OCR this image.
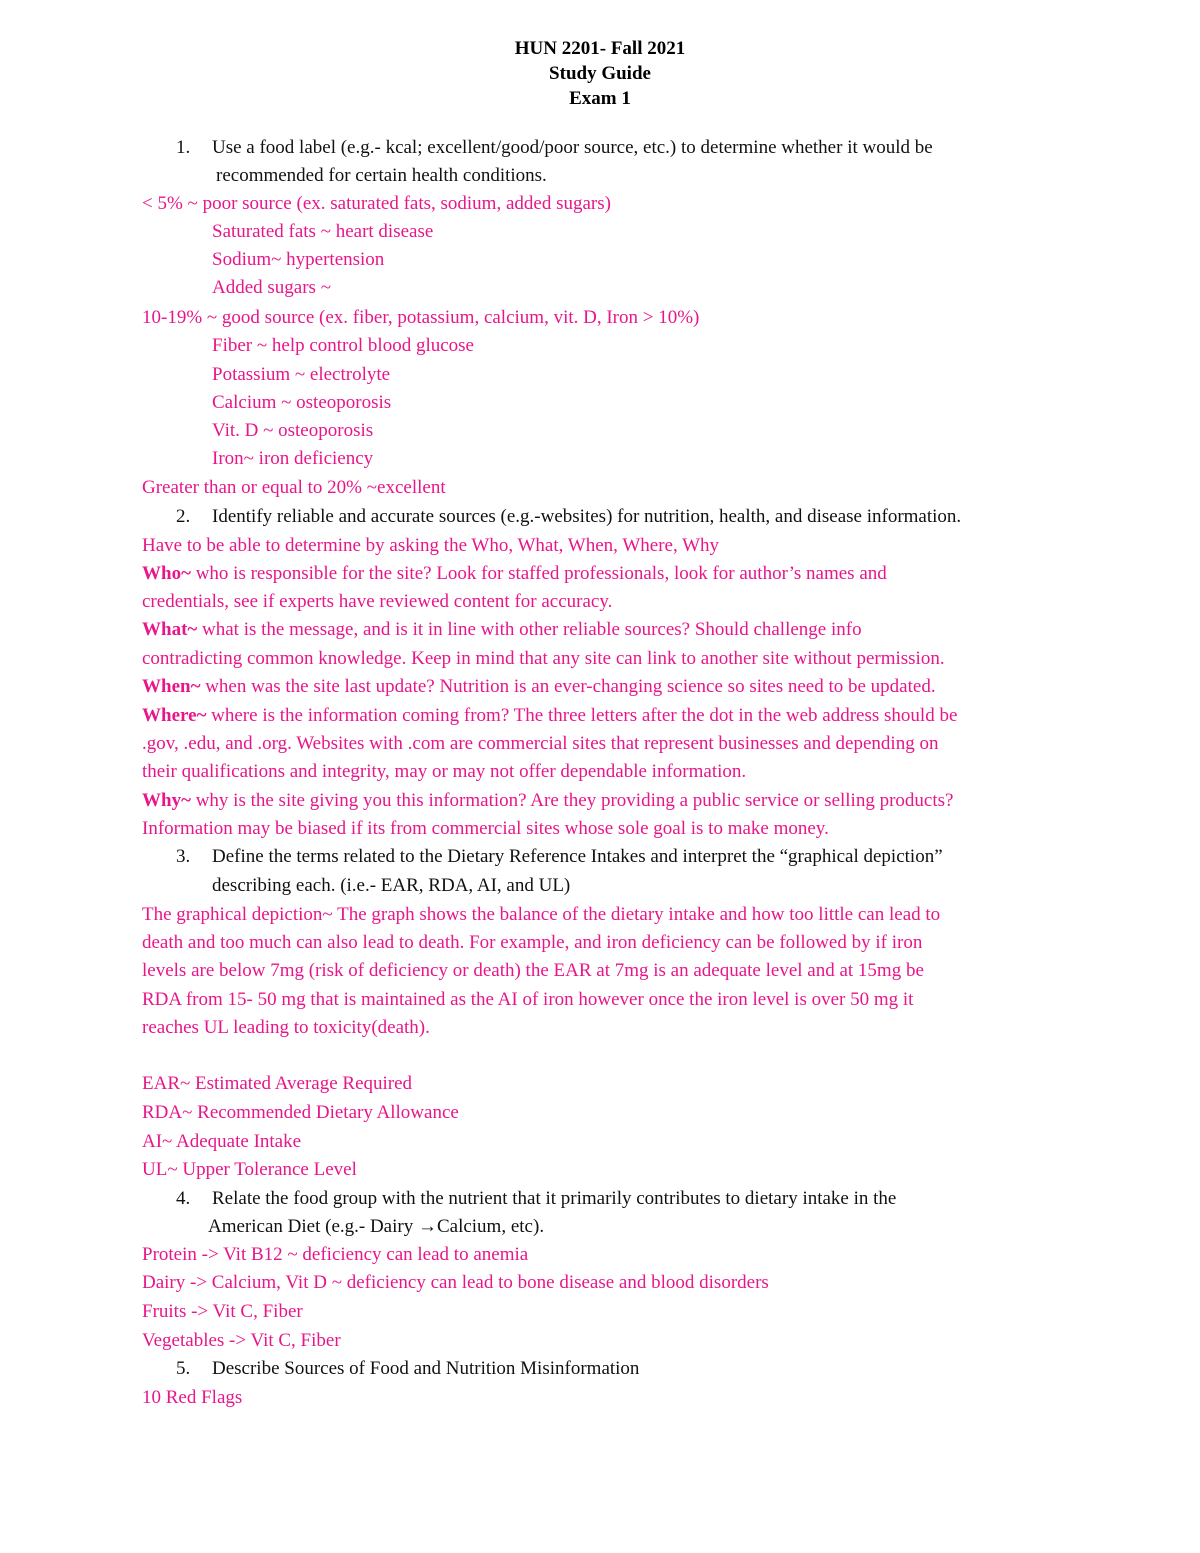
HUN 2201- Fall 2021
Study Guide
Exam 1
1. Use a food label (e.g.- kcal; excellent/good/poor source, etc.) to determine whether it would be
recommended for certain health conditions.
< 5% ~ poor source (ex. saturated fats, sodium, added sugars)
Saturated fats ~ heart disease
Sodium~ hypertension
Added sugars ~
10-19% ~ good source (ex. fiber, potassium, calcium, vit. D, Iron > 10%)
Fiber ~ help control blood glucose
Potassium ~ electrolyte
Calcium ~ osteoporosis
Vit. D ~ osteoporosis
Iron~ iron deficiency
Greater than or equal to 20% ~excellent
2. Identify reliable and accurate sources (e.g.-websites) for nutrition, health, and disease information.
Have to be able to determine by asking the Who, What, When, Where, Why
Who~ who is responsible for the site? Look for staffed professionals, look for author’s names and
credentials, see if experts have reviewed content for accuracy.
What~ what is the message, and is it in line with other reliable sources? Should challenge info
contradicting common knowledge. Keep in mind that any site can link to another site without permission.
When~ when was the site last update? Nutrition is an ever-changing science so sites need to be updated.
Where~ where is the information coming from? The three letters after the dot in the web address should be
.gov, .edu, and .org. Websites with .com are commercial sites that represent businesses and depending on
their qualifications and integrity, may or may not offer dependable information.
Why~ why is the site giving you this information? Are they providing a public service or selling products?
Information may be biased if its from commercial sites whose sole goal is to make money.
3. Define the terms related to the Dietary Reference Intakes and interpret the “graphical depiction”
describing each. (i.e.- EAR, RDA, AI, and UL)
The graphical depiction~ The graph shows the balance of the dietary intake and how too little can lead to
death and too much can also lead to death. For example, and iron deficiency can be followed by if iron
levels are below 7mg (risk of deficiency or death) the EAR at 7mg is an adequate level and at 15mg be
RDA from 15- 50 mg that is maintained as the AI of iron however once the iron level is over 50 mg it
reaches UL leading to toxicity(death).
EAR~ Estimated Average Required
RDA~ Recommended Dietary Allowance
AI~ Adequate Intake
UL~ Upper Tolerance Level
4. Relate the food group with the nutrient that it primarily contributes to dietary intake in the
American Diet (e.g.- Dairy →Calcium, etc).
Protein -> Vit B12 ~ deficiency can lead to anemia
Dairy -> Calcium, Vit D ~ deficiency can lead to bone disease and blood disorders
Fruits -> Vit C, Fiber
Vegetables -> Vit C, Fiber
5. Describe Sources of Food and Nutrition Misinformation
10 Red Flags
